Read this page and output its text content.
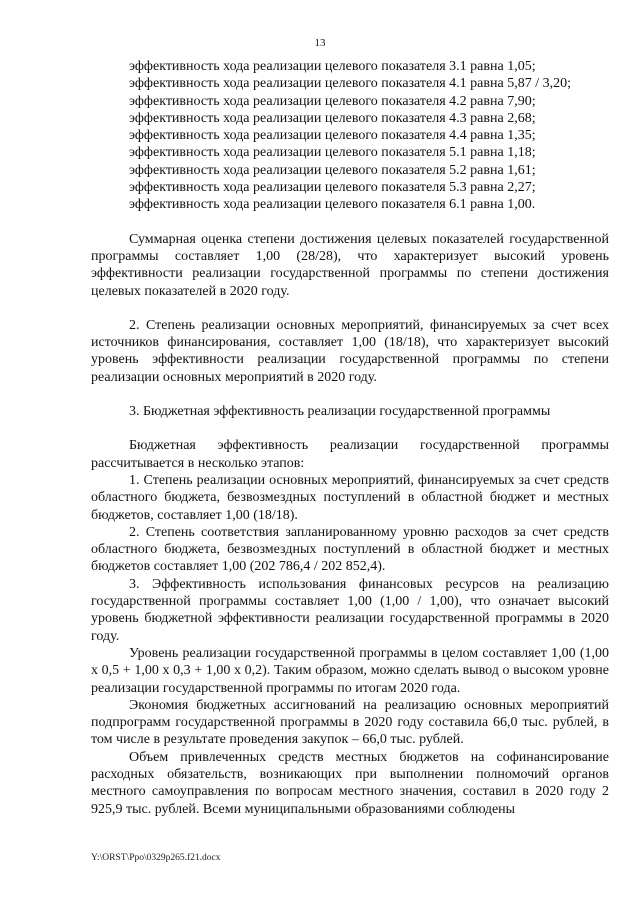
13

эффективность хода реализации целевого показателя 3.1 равна 1,05;

эффективность хода реализации целевого показателя 4.1 равна 5,87 / 3,20;

эффективность хода реализации целевого показателя 4.2 равна 7,90;

эффективность хода реализации целевого показателя 4.3 равна 2,68;

эффективность хода реализации целевого показателя 4.4 равна 1,35;

эффективность хода реализации целевого показателя 5.1 равна 1,18;

эффективность хода реализации целевого показателя 5.2 равна 1,61;

эффективность хода реализации целевого показателя 5.3 равна 2,27;

эффективность хода реализации целевого показателя 6.1 равна 1,00.

Суммарная оценка степени достижения целевых показателей государственной программы составляет 1,00 (28/28), что характеризует высокий уровень эффективности реализации государственной программы по степени достижения целевых показателей в 2020 году.

2. Степень реализации основных мероприятий, финансируемых за счет всех источников финансирования, составляет 1,00 (18/18), что характеризует высокий уровень эффективности реализации государственной программы по степени реализации основных мероприятий в 2020 году.

3. Бюджетная эффективность реализации государственной программы

Бюджетная эффективность реализации государственной программы рассчитывается в несколько этапов:

1. Степень реализации основных мероприятий, финансируемых за счет средств областного бюджета, безвозмездных поступлений в областной бюджет и местных бюджетов, составляет 1,00 (18/18).

2. Степень соответствия запланированному уровню расходов за счет средств областного бюджета, безвозмездных поступлений в областной бюджет и местных бюджетов составляет 1,00 (202 786,4 / 202 852,4).

3. Эффективность использования финансовых ресурсов на реализацию государственной программы составляет 1,00 (1,00 / 1,00), что означает высокий уровень бюджетной эффективности реализации государственной программы в 2020 году.

Уровень реализации государственной программы в целом составляет 1,00 (1,00 х 0,5 + 1,00 х 0,3 + 1,00 х 0,2). Таким образом, можно сделать вывод о высоком уровне реализации государственной программы по итогам 2020 года.

Экономия бюджетных ассигнований на реализацию основных мероприятий подпрограмм государственной программы в 2020 году составила 66,0 тыс. рублей, в том числе в результате проведения закупок – 66,0 тыс. рублей.

Объем привлеченных средств местных бюджетов на софинансирование расходных обязательств, возникающих при выполнении полномочий органов местного самоуправления по вопросам местного значения, составил в 2020 году 2 925,9 тыс. рублей. Всеми муниципальными образованиями соблюдены

Y:\ORST\Ppo\0329p265.f21.docx
